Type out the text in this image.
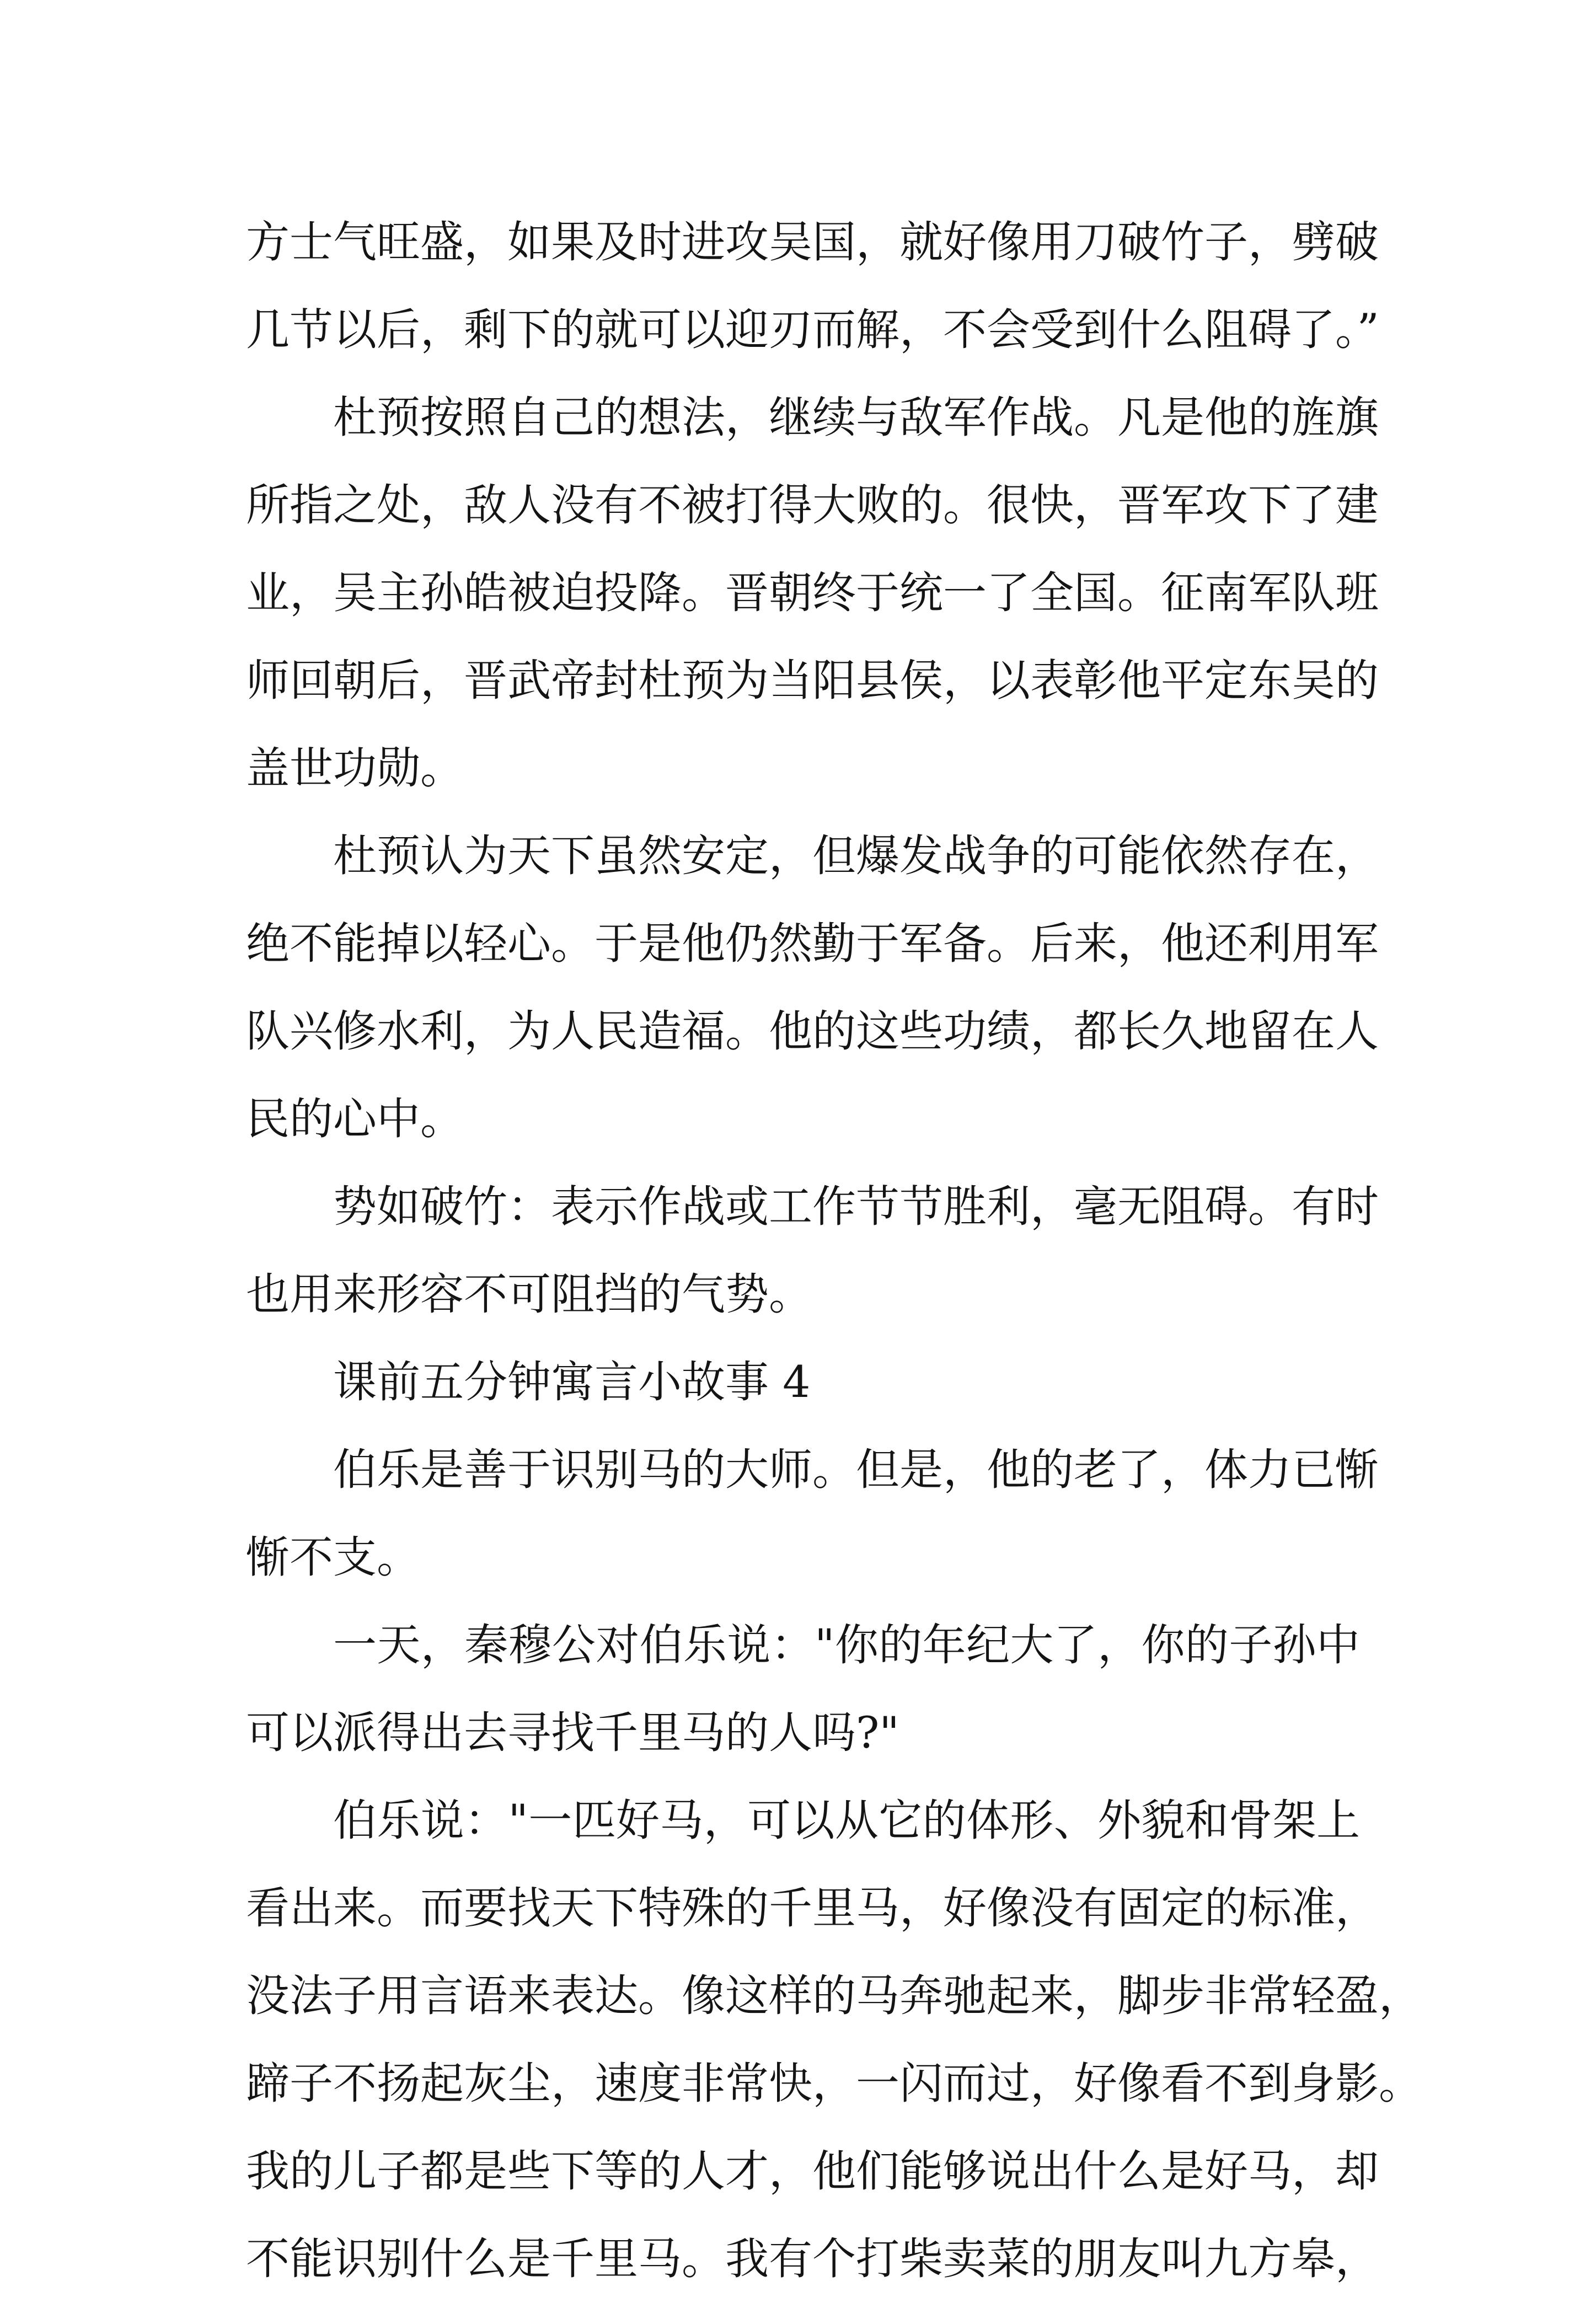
方士气旺盛，如果及时进攻吴国，就好像用刀破竹子，劈破
几节以后，剩下的就可以迎刃而解，不会受到什么阻碍了。”
杜预按照自己的想法，继续与敌军作战。凡是他的旌旗
所指之处，敌人没有不被打得大败的。很快，晋军攻下了建
业，吴主孙皓被迫投降。晋朝终于统一了全国。征南军队班
师回朝后，晋武帝封杜预为当阳县侯，以表彰他平定东吴的
盖世功勋。
杜预认为天下虽然安定，但爆发战争的可能依然存在，
绝不能掉以轻心。于是他仍然勤于军备。后来，他还利用军
队兴修水利，为人民造福。他的这些功绩，都长久地留在人
民的心中。
势如破竹：表示作战或工作节节胜利，毫无阻碍。有时
也用来形容不可阻挡的气势。
课前五分钟寓言小故事 4
伯乐是善于识别马的大师。但是，他的老了，体力已惭
惭不支。
一天，秦穆公对伯乐说："你的年纪大了，你的子孙中
可以派得出去寻找千里马的人吗?"
伯乐说："一匹好马，可以从它的体形、外貌和骨架上
看出来。而要找天下特殊的千里马，好像没有固定的标准，
没法子用言语来表达。像这样的马奔驰起来，脚步非常轻盈，
蹄子不扬起灰尘，速度非常快，一闪而过，好像看不到身影。
我的儿子都是些下等的人才，他们能够说出什么是好马，却
不能识别什么是千里马。我有个打柴卖菜的朋友叫九方皋，
